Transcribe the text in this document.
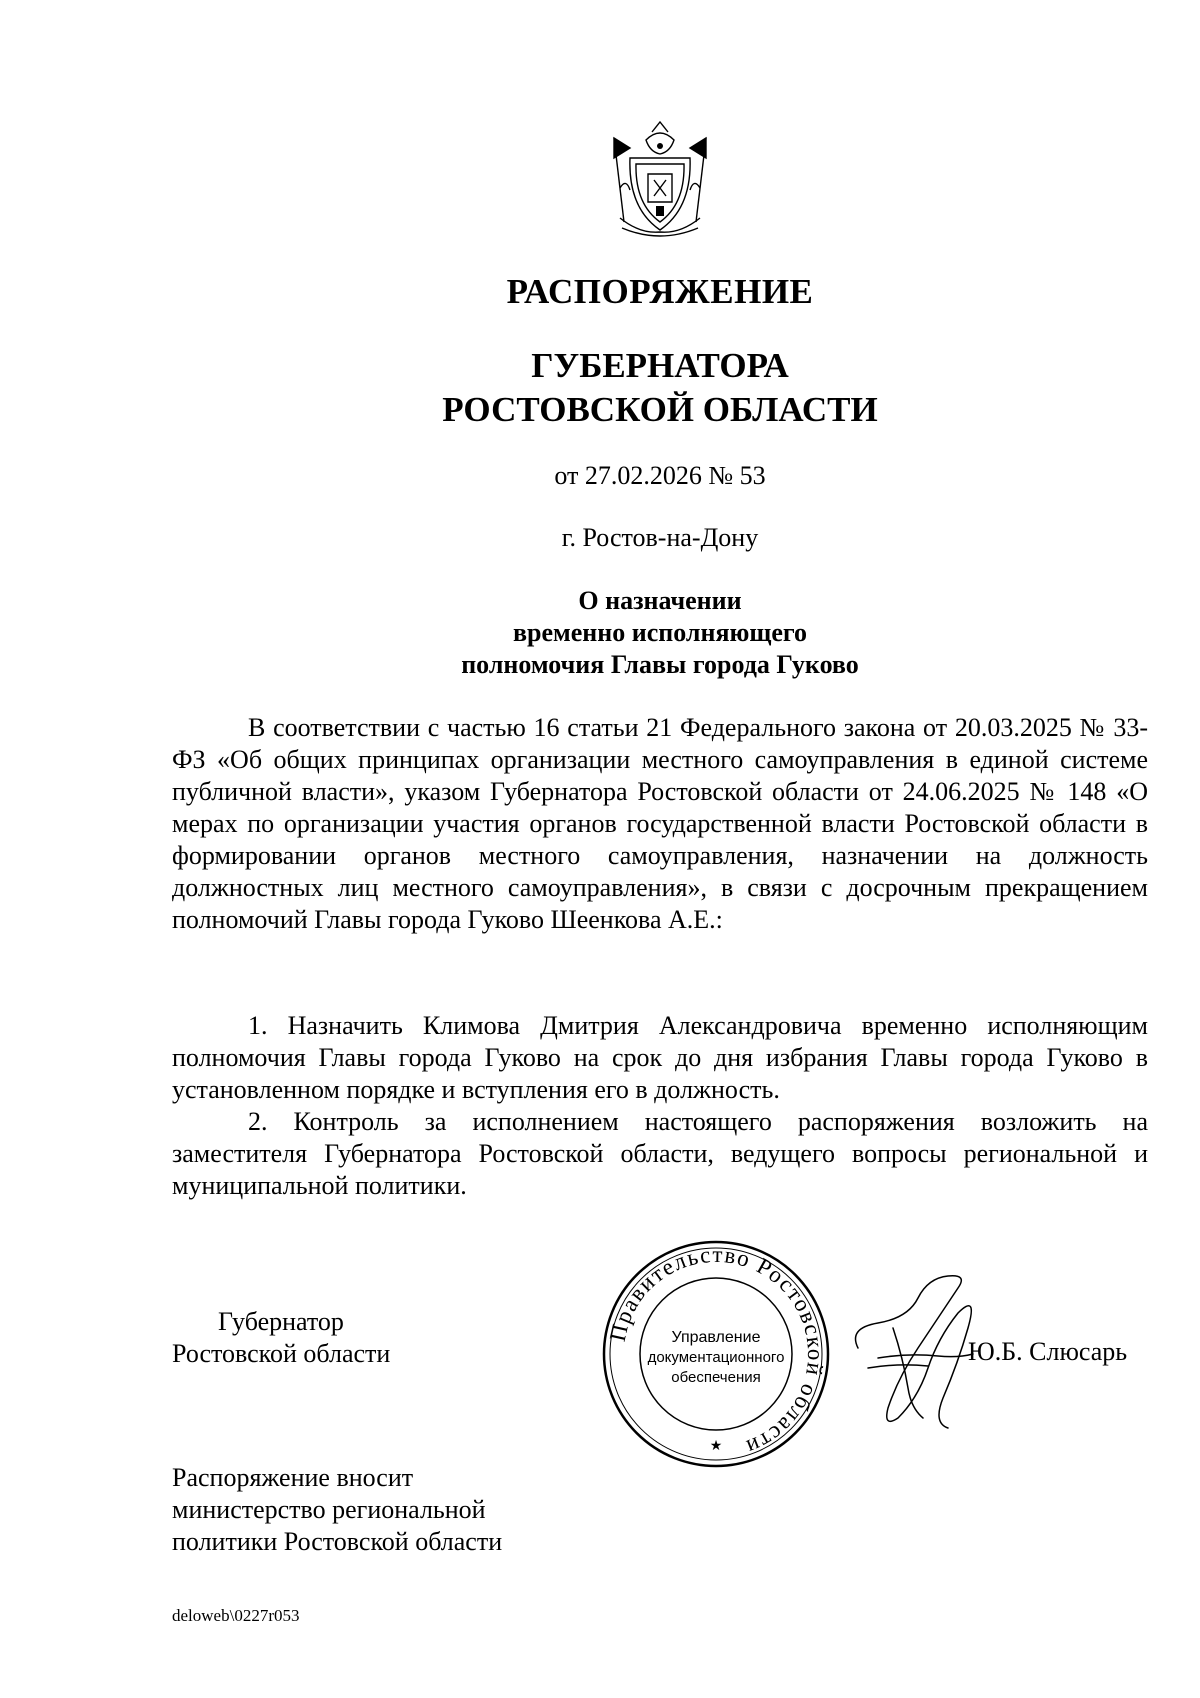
РАСПОРЯЖЕНИЕ
ГУБЕРНАТОРА
РОСТОВСКОЙ ОБЛАСТИ
от 27.02.2026 № 53
г. Ростов-на-Дону
О назначении
временно исполняющего
полномочия Главы города Гуково

В соответствии с частью 16 статьи 21 Федерального закона от 20.03.2025 № 33-ФЗ «Об общих принципах организации местного самоуправления в единой системе публичной власти», указом Губернатора Ростовской области от 24.06.2025 № 148 «О мерах по организации участия органов государственной власти Ростовской области в формировании органов местного самоуправления, назначении на должность должностных лиц местного самоуправления», в связи с досрочным прекращением полномочий Главы города Гуково Шеенкова А.Е.:

1. Назначить Климова Дмитрия Александровича временно исполняющим полномочия Главы города Гуково на срок до дня избрания Главы города Гуково в установленном порядке и вступления его в должность.

2. Контроль за исполнением настоящего распоряжения возложить на заместителя Губернатора Ростовской области, ведущего вопросы региональной и муниципальной политики.

Губернатор
Ростовской области
Правительство Ростовской области
Управление
документационного
обеспечения
★
Ю.Б. Слюсарь
Распоряжение вносит
министерство региональной
политики Ростовской области
deloweb\0227r053
